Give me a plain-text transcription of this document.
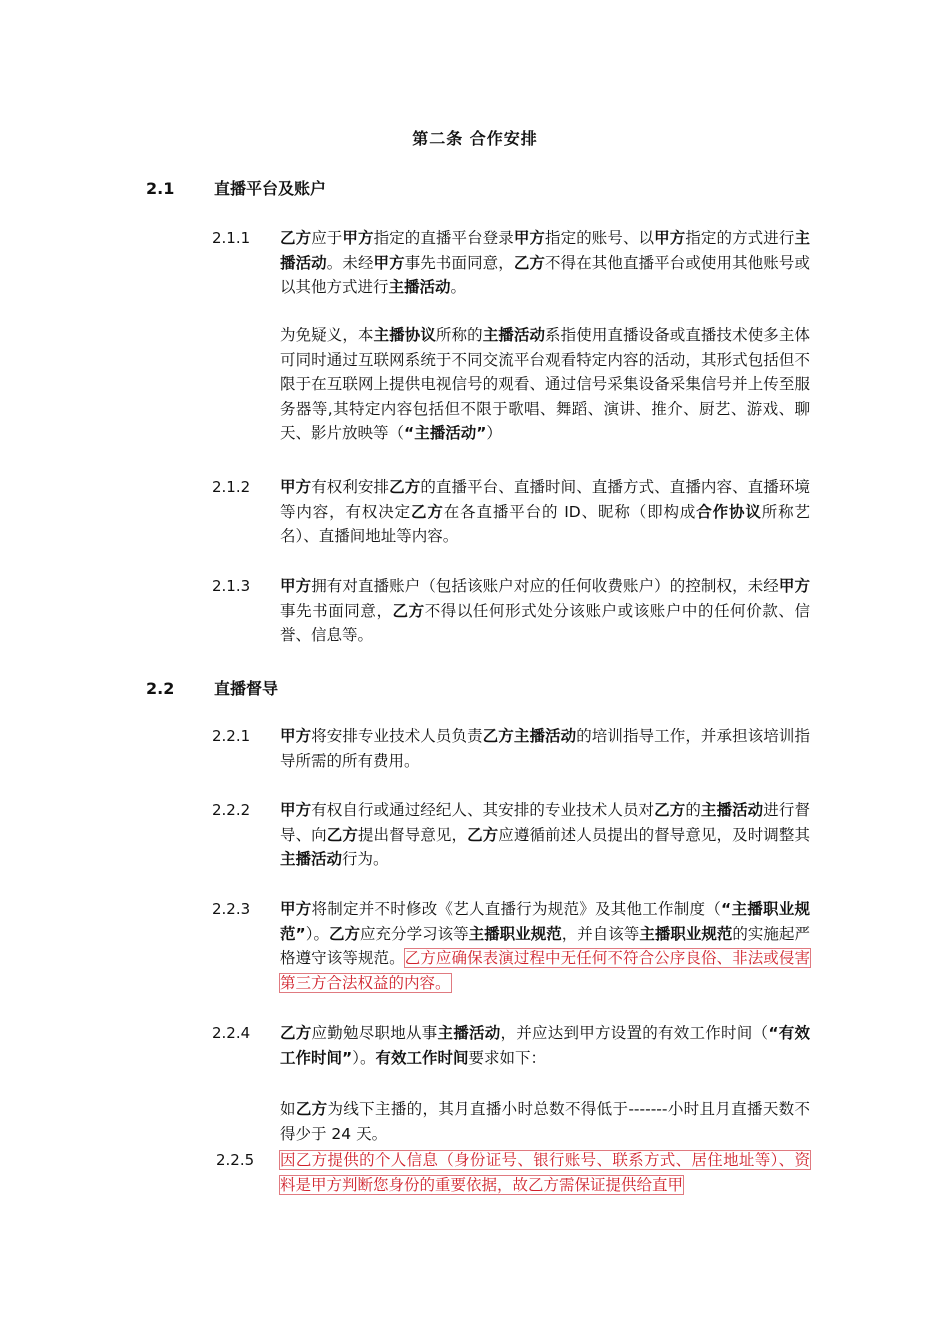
第二条 合作安排
2.1 直播平台及账户
2.1.1 乙方应于甲方指定的直播平台登录甲方指定的账号、以甲方指定的方式进行主播活动。未经甲方事先书面同意，乙方不得在其他直播平台或使用其他账号或以其他方式进行主播活动。
为免疑义，本主播协议所称的主播活动系指使用直播设备或直播技术使多主体可同时通过互联网系统于不同交流平台观看特定内容的活动，其形式包括但不限于在互联网上提供电视信号的观看、通过信号采集设备采集信号并上传至服务器等,其特定内容包括但不限于歌唱、舞蹈、演讲、推介、厨艺、游戏、聊天、影片放映等（“主播活动”）
2.1.2 甲方有权利安排乙方的直播平台、直播时间、直播方式、直播内容、直播环境等内容，有权决定乙方在各直播平台的 ID、昵称（即构成合作协议所称艺名）、直播间地址等内容。
2.1.3 甲方拥有对直播账户（包括该账户对应的任何收费账户）的控制权，未经甲方事先书面同意，乙方不得以任何形式处分该账户或该账户中的任何价款、信誉、信息等。
2.2 直播督导
2.2.1 甲方将安排专业技术人员负责乙方主播活动的培训指导工作，并承担该培训指导所需的所有费用。
2.2.2 甲方有权自行或通过经纪人、其安排的专业技术人员对乙方的主播活动进行督导、向乙方提出督导意见，乙方应遵循前述人员提出的督导意见，及时调整其主播活动行为。
2.2.3 甲方将制定并不时修改《艺人直播行为规范》及其他工作制度（“主播职业规范”）。乙方应充分学习该等主播职业规范，并自该等主播职业规范的实施起严格遵守该等规范。乙方应确保表演过程中无任何不符合公序良俗、非法或侵害第三方合法权益的内容。
2.2.4 乙方应勤勉尽职地从事主播活动，并应达到甲方设置的有效工作时间（“有效工作时间”）。有效工作时间要求如下：
如乙方为线下主播的，其月直播小时总数不得低于-------小时且月直播天数不得少于 24 天。
2.2.5 因乙方提供的个人信息（身份证号、银行账号、联系方式、居住地址等）、资料是甲方判断您身份的重要依据，故乙方需保证提供给直甲
